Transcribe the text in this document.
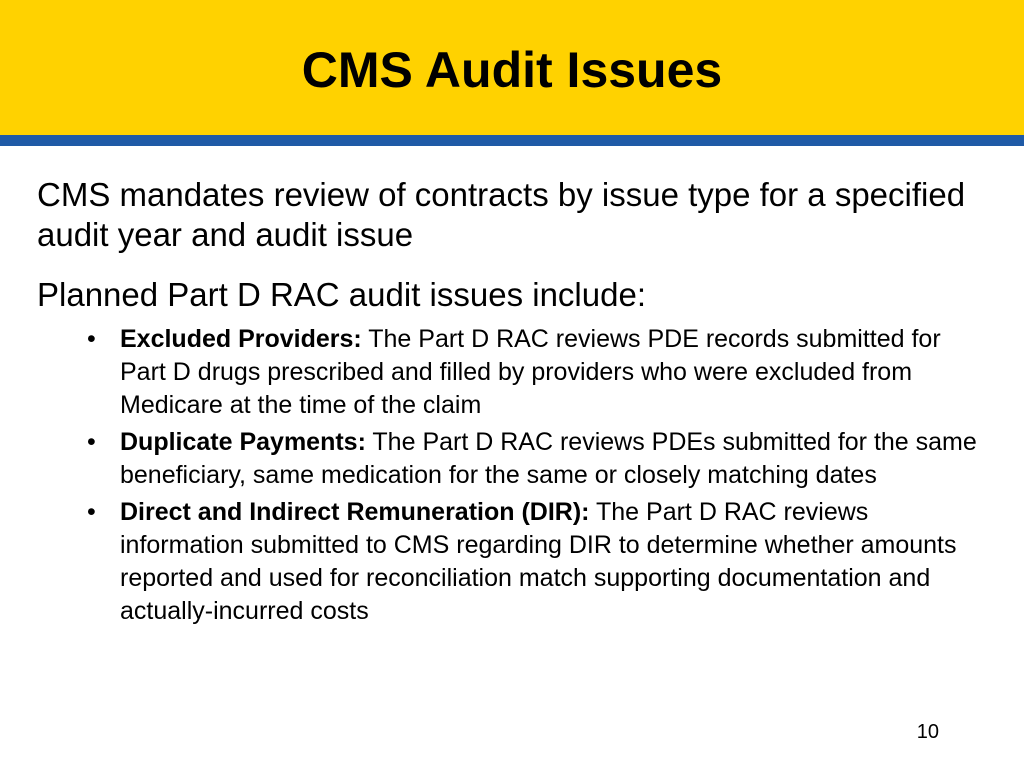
CMS Audit Issues

CMS mandates review of contracts by issue type for a specified audit year and audit issue

Planned Part D RAC audit issues include:

• Excluded Providers: The Part D RAC reviews PDE records submitted for Part D drugs prescribed and filled by providers who were excluded from Medicare at the time of the claim
• Duplicate Payments: The Part D RAC reviews PDEs submitted for the same beneficiary, same medication for the same or closely matching dates
• Direct and Indirect Remuneration (DIR): The Part D RAC reviews information submitted to CMS regarding DIR to determine whether amounts reported and used for reconciliation match supporting documentation and actually-incurred costs
10
